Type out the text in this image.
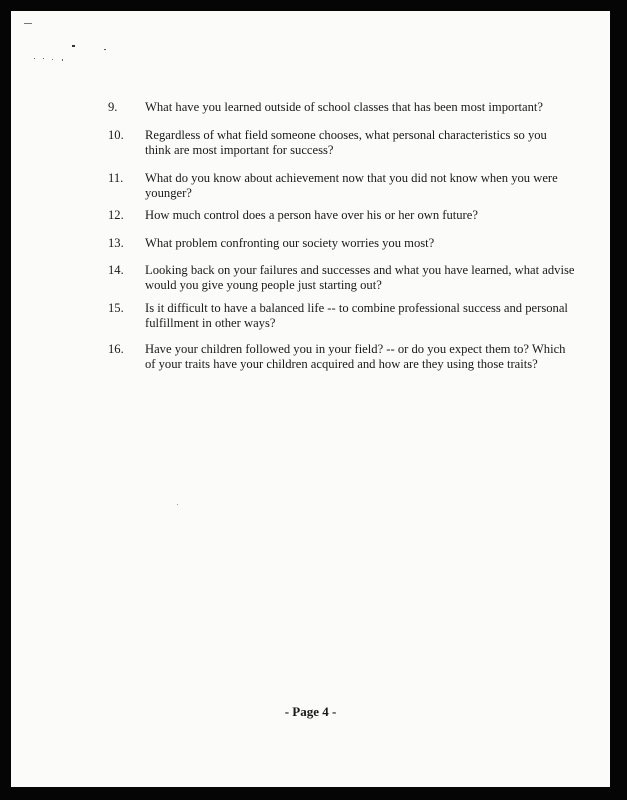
9.	What have you learned outside of school classes that has been most important?
10.	Regardless of what field someone chooses, what personal characteristics so you think are most important for success?
11.	What do you know about achievement now that you did not know when you were younger?
12.	How much control does a person have over his or her own future?
13.	What problem confronting our society worries you most?
14.	Looking back on your failures and successes and what you have learned, what advise would you give young people just starting out?
15.	Is it difficult to have a balanced life -- to combine professional success and personal fulfillment in other ways?
16.	Have your children followed you in your field? -- or do you expect them to? Which of your traits have your children acquired and how are they using those traits?
- Page 4 -
